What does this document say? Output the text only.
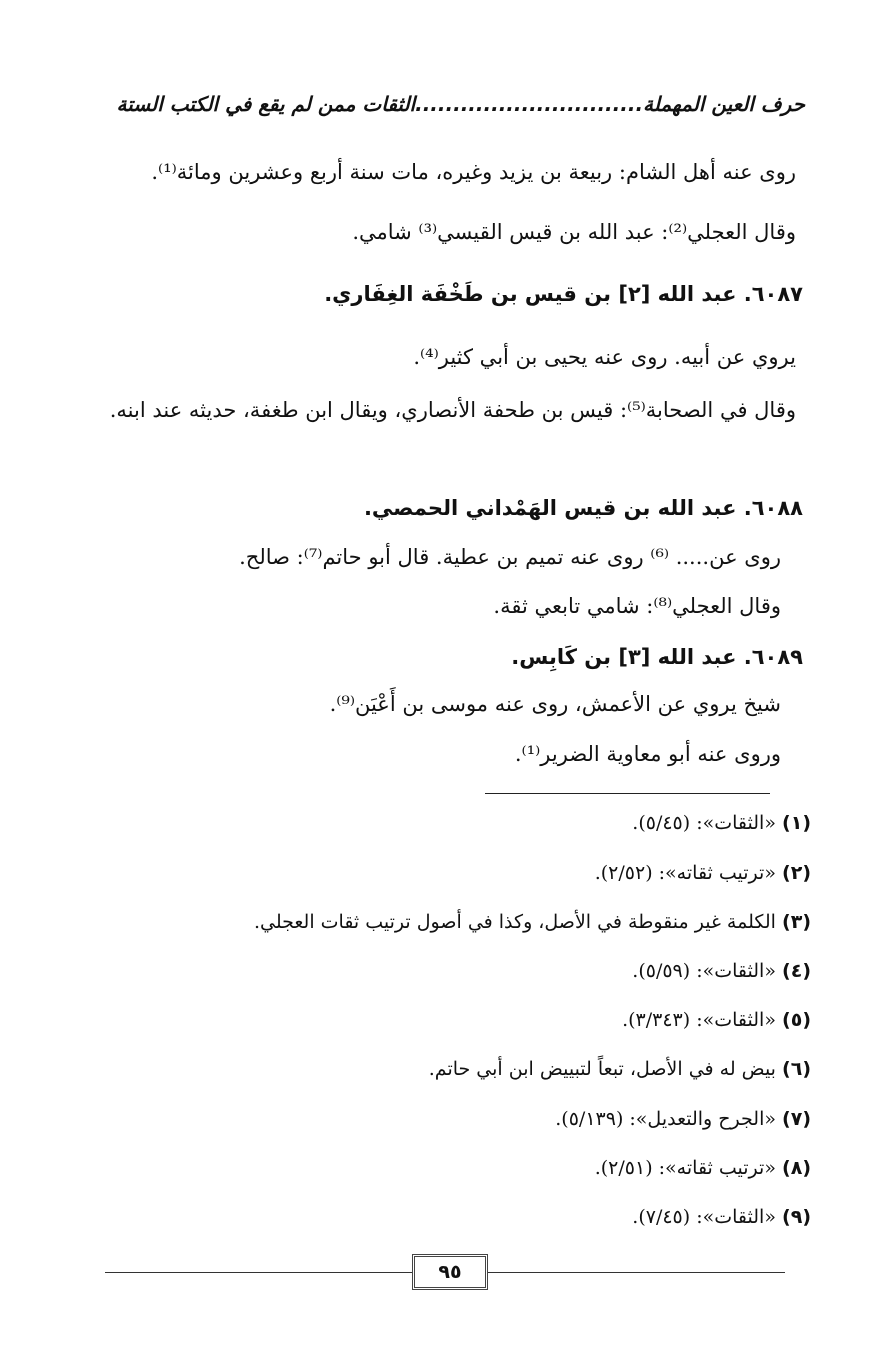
حرف العين المهملة..............................الثقات ممن لم يقع في الكتب الستة
روى عنه أهل الشام: ربيعة بن يزيد وغيره، مات سنة أربع وعشرين ومائة⁽¹⁾.
وقال العجلي⁽²⁾: عبد الله بن قيس القيسي⁽³⁾ شامي.
٦٠٨٧. عبد الله [٢] بن قيس بن طَخْفَة الغِفَاري.
يروي عن أبيه. روى عنه يحيى بن أبي كثير⁽⁴⁾.
وقال في الصحابة⁽⁵⁾: قيس بن طحفة الأنصاري، ويقال ابن طغفة، حديثه عند ابنه.
٦٠٨٨. عبد الله بن قيس الهَمْداني الحمصي.
روى عن..... ⁽⁶⁾ روى عنه تميم بن عطية. قال أبو حاتم⁽⁷⁾: صالح.
وقال العجلي⁽⁸⁾: شامي تابعي ثقة.
٦٠٨٩. عبد الله [٣] بن كَابِس.
شيخ يروي عن الأعمش، روى عنه موسى بن أَعْيَن⁽⁹⁾.
وروى عنه أبو معاوية الضرير⁽¹⁾.
(١) «الثقات»: (٥/٤٥).
(٢) «ترتيب ثقاته»: (٢/٥٢).
(٣) الكلمة غير منقوطة في الأصل، وكذا في أصول ترتيب ثقات العجلي.
(٤) «الثقات»: (٥/٥٩).
(٥) «الثقات»: (٣/٣٤٣).
(٦) بيض له في الأصل، تبعاً لتبييض ابن أبي حاتم.
(٧) «الجرح والتعديل»: (٥/١٣٩).
(٨) «ترتيب ثقاته»: (٢/٥١).
(٩) «الثقات»: (٧/٤٥).
٩٥
